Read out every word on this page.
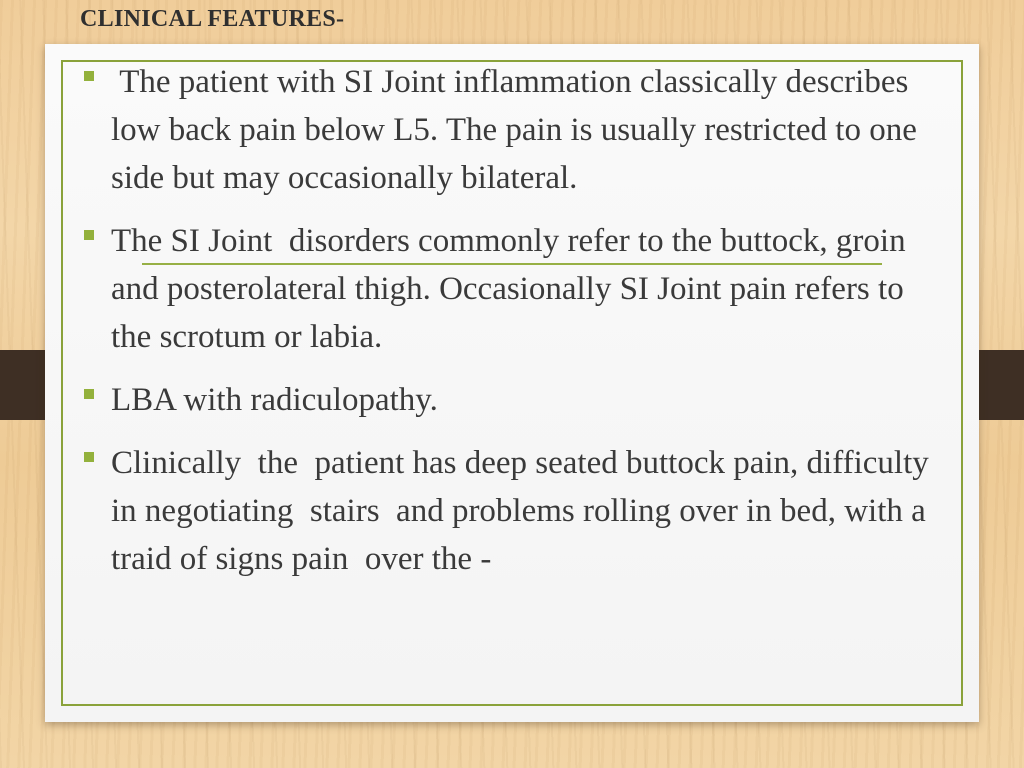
CLINICAL FEATURES-
The patient with SI Joint inflammation classically describes low back pain below L5. The pain is usually restricted to one side but may occasionally bilateral.
The SI Joint  disorders commonly refer to the buttock, groin and posterolateral thigh. Occasionally SI Joint pain refers to the scrotum or labia.
LBA with radiculopathy.
Clinically  the  patient has deep seated buttock pain, difficulty in negotiating  stairs  and problems rolling over in bed, with a traid of signs pain  over the -
